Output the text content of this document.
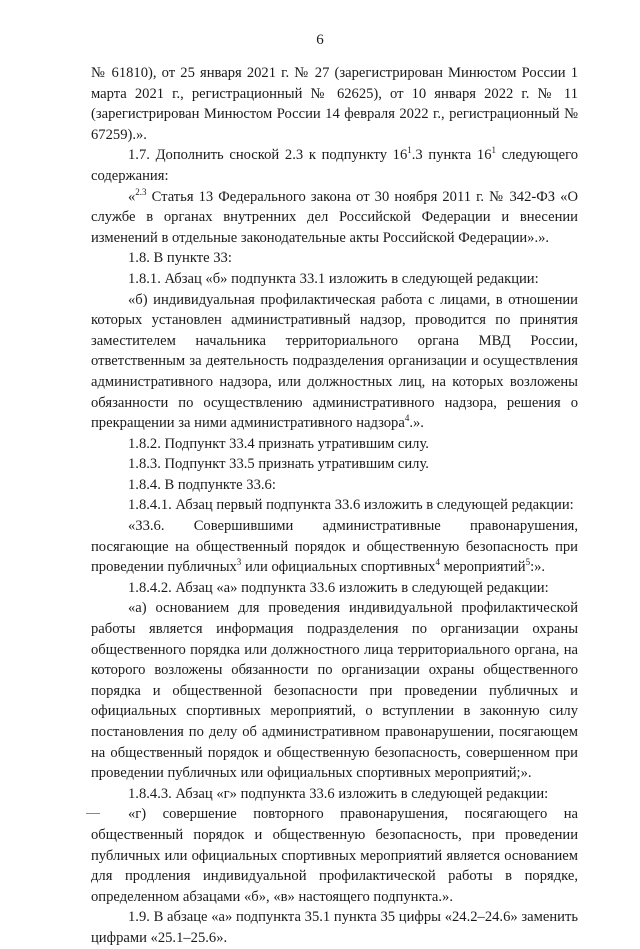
6

№ 61810), от 25 января 2021 г. № 27 (зарегистрирован Минюстом России 1 марта 2021 г., регистрационный № 62625), от 10 января 2022 г. № 11 (зарегистрирован Минюстом России 14 февраля 2022 г., регистрационный № 67259).».

1.7. Дополнить сноской 2.3 к подпункту $16^1.3$ пункта $16^1$ следующего содержания:

«$^{2.3}$ Статья 13 Федерального закона от 30 ноября 2011 г. № 342-ФЗ «О службе в органах внутренних дел Российской Федерации и внесении изменений в отдельные законодательные акты Российской Федерации».».

1.8. В пункте 33:

1.8.1. Абзац «б» подпункта 33.1 изложить в следующей редакции:

«б) индивидуальная профилактическая работа с лицами, в отношении которых установлен административный надзор, проводится по принятия заместителем начальника территориального органа МВД России, ответственным за деятельность подразделения организации и осуществления административного надзора, или должностных лиц, на которых возложены обязанности по осуществлению административного надзора, решения о прекращении за ними административного надзора$^4$.».

1.8.2. Подпункт 33.4 признать утратившим силу.

1.8.3. Подпункт 33.5 признать утратившим силу.

1.8.4. В подпункте 33.6:

1.8.4.1. Абзац первый подпункта 33.6 изложить в следующей редакции:

«33.6. Совершившими административные правонарушения, посягающие на общественный порядок и общественную безопасность при проведении публичных$^3$ или официальных спортивных$^4$ мероприятий$^5$:».

1.8.4.2. Абзац «а» подпункта 33.6 изложить в следующей редакции:

«а) основанием для проведения индивидуальной профилактической работы является информация подразделения по организации охраны общественного порядка или должностного лица территориального органа, на которого возложены обязанности по организации охраны общественного порядка и общественной безопасности при проведении публичных и официальных спортивных мероприятий, о вступлении в законную силу постановления по делу об административном правонарушении, посягающем на общественный порядок и общественную безопасность, совершенном при проведении публичных или официальных спортивных мероприятий;».

1.8.4.3. Абзац «г» подпункта 33.6 изложить в следующей редакции:

«г) совершение повторного правонарушения, посягающего на общественный порядок и общественную безопасность, при проведении публичных или официальных спортивных мероприятий является основанием для продления индивидуальной профилактической работы в порядке, определенном абзацами «б», «в» настоящего подпункта.».

1.9. В абзаце «а» подпункта 35.1 пункта 35 цифры «24.2–24.6» заменить цифрами «25.1–25.6».
